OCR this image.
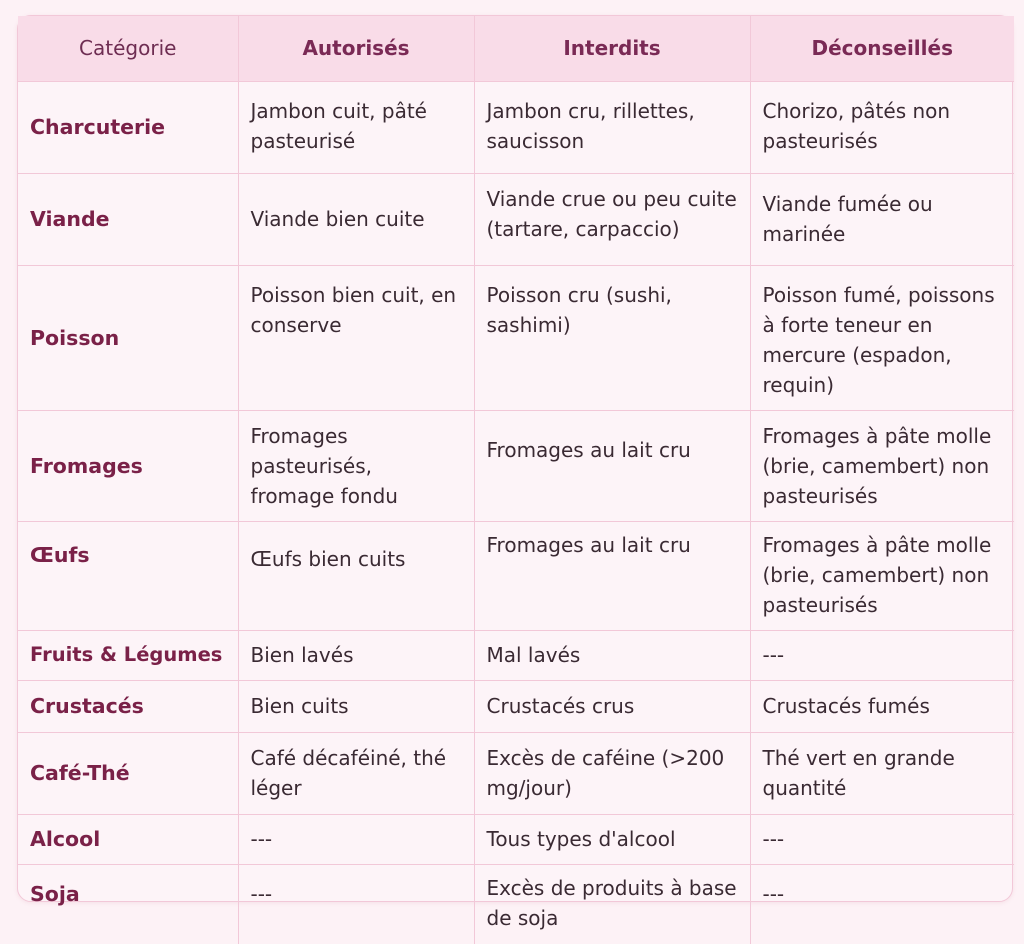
Catégorie	Autorisés	Interdits	Déconseillés
Charcuterie	Jambon cuit, pâté pasteurisé	Jambon cru, rillettes, saucisson	Chorizo, pâtés non pasteurisés
Viande	Viande bien cuite	Viande crue ou peu cuite (tartare, carpaccio)	Viande fumée ou marinée
Poisson	Poisson bien cuit, en conserve	Poisson cru (sushi, sashimi)	Poisson fumé, poissons à forte teneur en mercure (espadon, requin)
Fromages	Fromages pasteurisés, fromage fondu	Fromages au lait cru	Fromages à pâte molle (brie, camembert) non pasteurisés
Œufs	Œufs bien cuits	Fromages au lait cru	Fromages à pâte molle (brie, camembert) non pasteurisés
Fruits & Légumes	Bien lavés	Mal lavés	---
Crustacés	Bien cuits	Crustacés crus	Crustacés fumés
Café-Thé	Café décaféiné, thé léger	Excès de caféine (>200 mg/jour)	Thé vert en grande quantité
Alcool	---	Tous types d'alcool	---
Soja	---	Excès de produits à base de soja	---
